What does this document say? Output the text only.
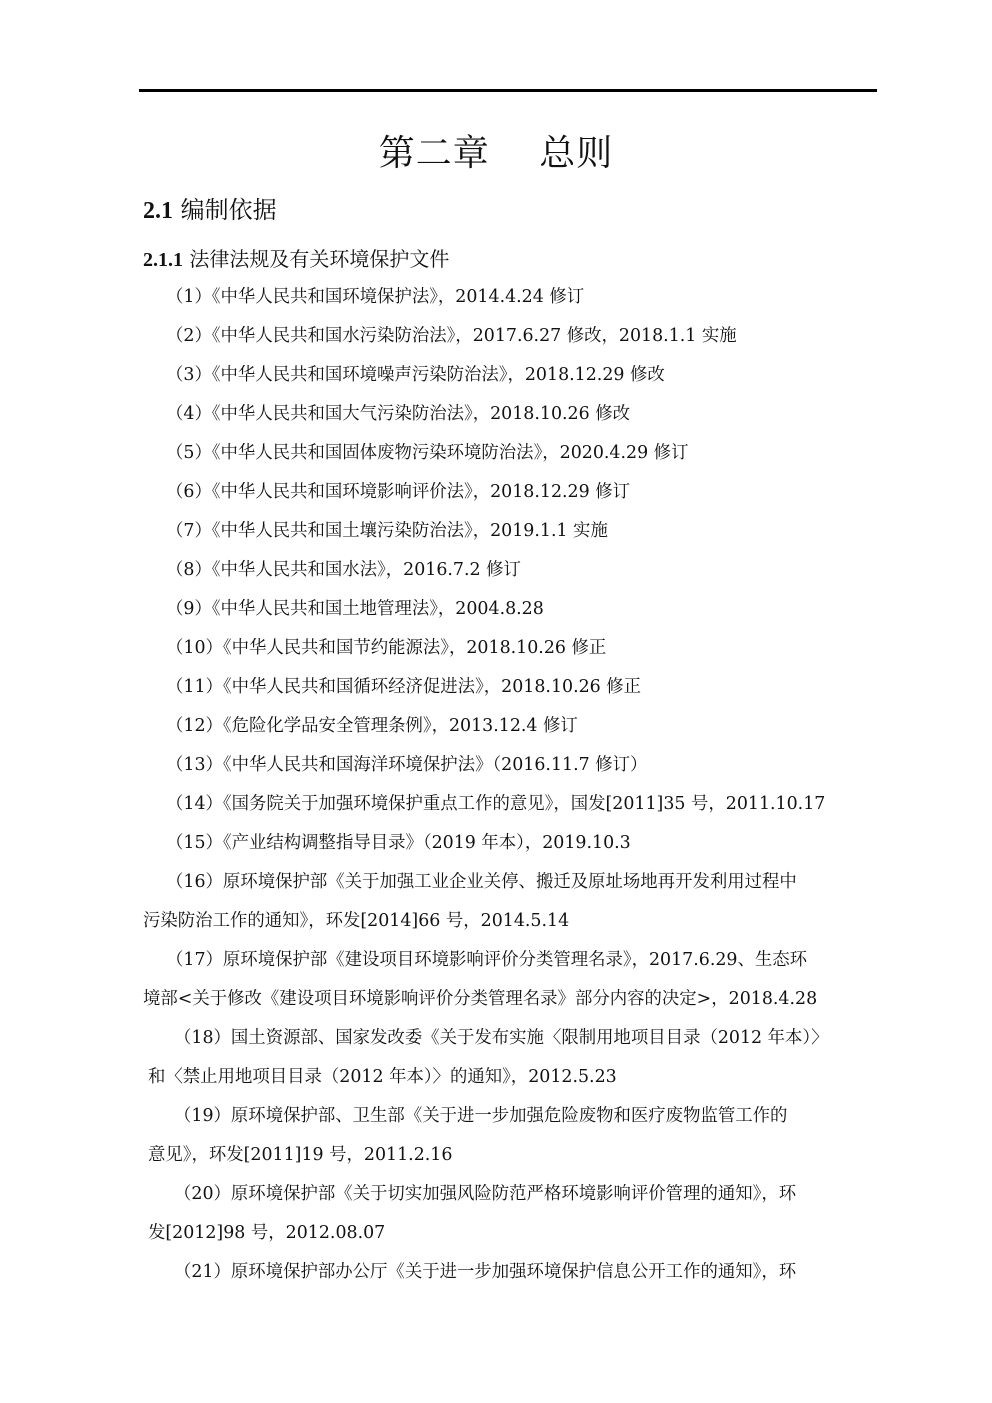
第二章　 总则
2.1 编制依据
2.1.1 法律法规及有关环境保护文件
（1）《中华人民共和国环境保护法》，2014.4.24 修订
（2）《中华人民共和国水污染防治法》，2017.6.27 修改，2018.1.1 实施
（3）《中华人民共和国环境噪声污染防治法》，2018.12.29 修改
（4）《中华人民共和国大气污染防治法》，2018.10.26 修改
（5）《中华人民共和国固体废物污染环境防治法》，2020.4.29 修订
（6）《中华人民共和国环境影响评价法》，2018.12.29 修订
（7）《中华人民共和国土壤污染防治法》，2019.1.1 实施
（8）《中华人民共和国水法》，2016.7.2 修订
（9）《中华人民共和国土地管理法》，2004.8.28
（10）《中华人民共和国节约能源法》，2018.10.26 修正
（11）《中华人民共和国循环经济促进法》，2018.10.26 修正
（12）《危险化学品安全管理条例》，2013.12.4 修订
（13）《中华人民共和国海洋环境保护法》（2016.11.7 修订）
（14）《国务院关于加强环境保护重点工作的意见》，国发[2011]35 号，2011.10.17
（15）《产业结构调整指导目录》（2019 年本），2019.10.3
（16）原环境保护部《关于加强工业企业关停、搬迁及原址场地再开发利用过程中
污染防治工作的通知》，环发[2014]66 号，2014.5.14
（17）原环境保护部《建设项目环境影响评价分类管理名录》，2017.6.29、生态环
境部<关于修改《建设项目环境影响评价分类管理名录》部分内容的决定>，2018.4.28
（18）国土资源部、国家发改委《关于发布实施〈限制用地项目目录（2012 年本）〉
和〈禁止用地项目目录（2012 年本）〉的通知》，2012.5.23
（19）原环境保护部、卫生部《关于进一步加强危险废物和医疗废物监管工作的
意见》，环发[2011]19 号，2011.2.16
（20）原环境保护部《关于切实加强风险防范严格环境影响评价管理的通知》，环
发[2012]98 号，2012.08.07
（21）原环境保护部办公厅《关于进一步加强环境保护信息公开工作的通知》，环
